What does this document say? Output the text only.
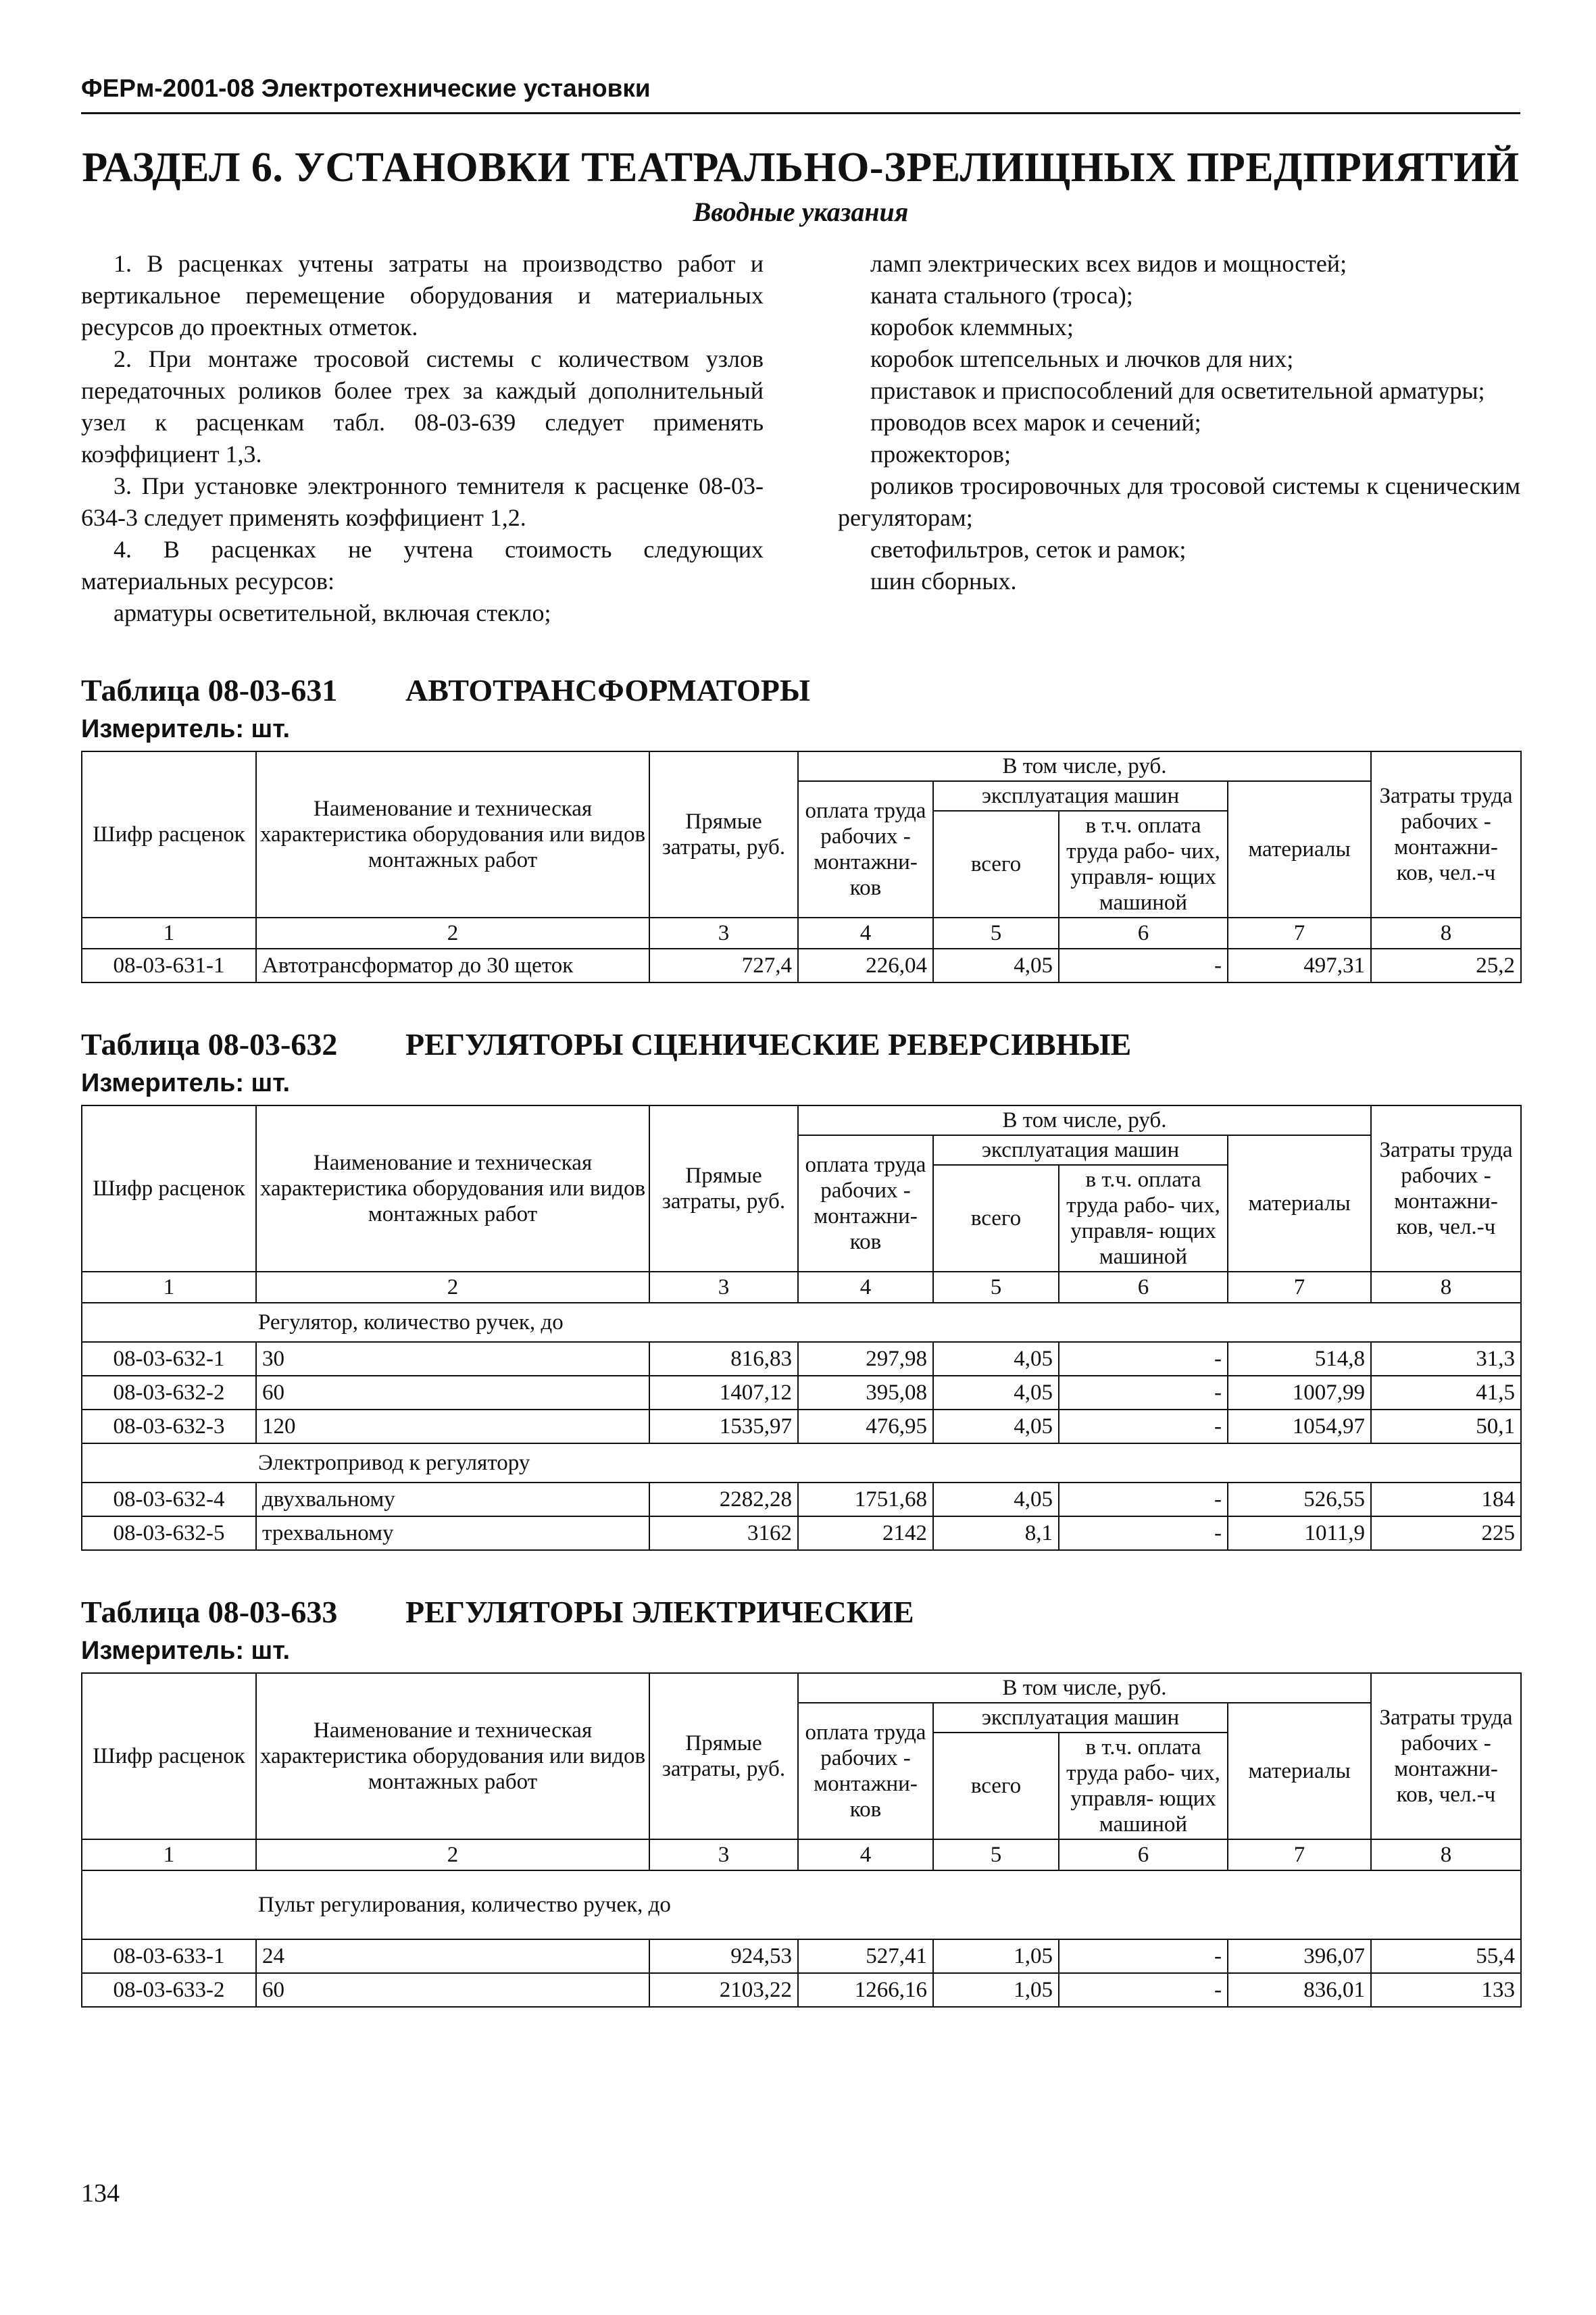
ФЕРм-2001-08 Электротехнические установки
РАЗДЕЛ 6. УСТАНОВКИ ТЕАТРАЛЬНО-ЗРЕЛИЩНЫХ ПРЕДПРИЯТИЙ
Вводные указания

1. В расценках учтены затраты на производство работ и вертикальное перемещение оборудования и материальных ресурсов до проектных отметок.

2. При монтаже тросовой системы с количеством узлов передаточных роликов более трех за каждый дополнительный узел к расценкам табл. 08-03-639 следует применять коэффициент 1,3.

3. При установке электронного темнителя к расценке 08-03-634-3 следует применять коэффициент 1,2.

4. В расценках не учтена стоимость следующих материальных ресурсов:

арматуры осветительной, включая стекло;

ламп электрических всех видов и мощностей;

каната стального (троса);

коробок клеммных;

коробок штепсельных и лючков для них;

приставок и приспособлений для осветительной арматуры;

проводов всех марок и сечений;

прожекторов;

роликов тросировочных для тросовой системы к сценическим регуляторам;

светофильтров, сеток и рамок;

шин сборных.

Таблица 08-03-631	АВТОТРАНСФОРМАТОРЫ
Измеритель: шт.
Шифр расценок	Наименование и техническая характеристика оборудования или видов монтажных работ	Прямые затраты, руб.	В том числе, руб.				Затраты труда рабочих - монтажни- ков, чел.-ч
			оплата труда рабочих - монтажни- ков	эксплуатация машин		материалы	
				всего	в т.ч. оплата труда рабо- чих, управля- ющих машиной		
1	2	3	4	5	6	7	8
08-03-631-1	Автотрансформатор до 30 щеток	727,4	226,04	4,05	-	497,31	25,2
Таблица 08-03-632	РЕГУЛЯТОРЫ СЦЕНИЧЕСКИЕ РЕВЕРСИВНЫЕ
Измеритель: шт.
Шифр расценок	Наименование и техническая характеристика оборудования или видов монтажных работ	Прямые затраты, руб.	В том числе, руб.				Затраты труда рабочих - монтажни- ков, чел.-ч
			оплата труда рабочих - монтажни- ков	эксплуатация машин		материалы	
				всего	в т.ч. оплата труда рабо- чих, управля- ющих машиной		
1	2	3	4	5	6	7	8
Регулятор, количество ручек, до							
08-03-632-1	30	816,83	297,98	4,05	-	514,8	31,3
08-03-632-2	60	1407,12	395,08	4,05	-	1007,99	41,5
08-03-632-3	120	1535,97	476,95	4,05	-	1054,97	50,1
Электропривод к регулятору							
08-03-632-4	двухвальному	2282,28	1751,68	4,05	-	526,55	184
08-03-632-5	трехвальному	3162	2142	8,1	-	1011,9	225
Таблица 08-03-633	РЕГУЛЯТОРЫ ЭЛЕКТРИЧЕСКИЕ
Измеритель: шт.
Шифр расценок	Наименование и техническая характеристика оборудования или видов монтажных работ	Прямые затраты, руб.	В том числе, руб.				Затраты труда рабочих - монтажни- ков, чел.-ч
			оплата труда рабочих - монтажни- ков	эксплуатация машин		материалы	
				всего	в т.ч. оплата труда рабо- чих, управля- ющих машиной		
1	2	3	4	5	6	7	8
Пульт регулирования, количество ручек, до							
08-03-633-1	24	924,53	527,41	1,05	-	396,07	55,4
08-03-633-2	60	2103,22	1266,16	1,05	-	836,01	133
134
